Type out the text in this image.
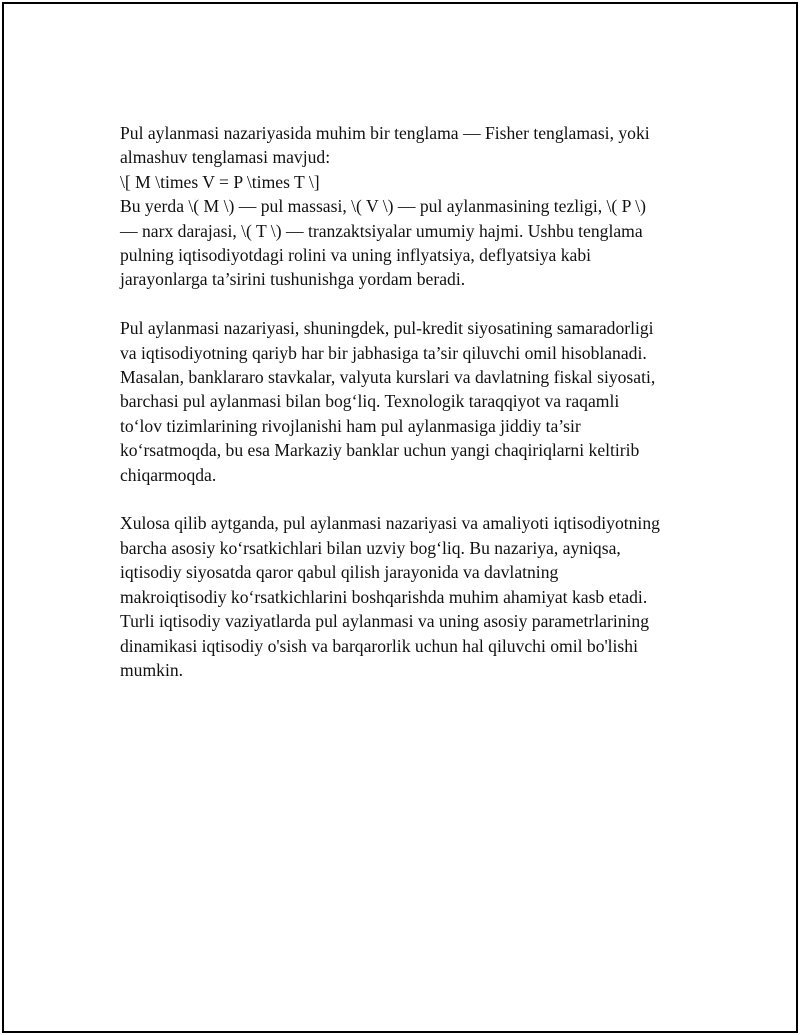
Pul aylanmasi nazariyasida muhim bir tenglama — Fisher tenglamasi, yoki
almashuv tenglamasi mavjud:
\[ M \times V = P \times T \]
Bu yerda \( M \) — pul massasi, \( V \) — pul aylanmasining tezligi, \( P \)
— narx darajasi, \( T \) — tranzaktsiyalar umumiy hajmi. Ushbu tenglama
pulning iqtisodiyotdagi rolini va uning inflyatsiya, deflyatsiya kabi
jarayonlarga ta’sirini tushunishga yordam beradi.

Pul aylanmasi nazariyasi, shuningdek, pul-kredit siyosatining samaradorligi
va iqtisodiyotning qariyb har bir jabhasiga ta’sir qiluvchi omil hisoblanadi.
Masalan, banklararo stavkalar, valyuta kurslari va davlatning fiskal siyosati,
barchasi pul aylanmasi bilan bog‘liq. Texnologik taraqqiyot va raqamli
to‘lov tizimlarining rivojlanishi ham pul aylanmasiga jiddiy ta’sir
ko‘rsatmoqda, bu esa Markaziy banklar uchun yangi chaqiriqlarni keltirib
chiqarmoqda.

Xulosa qilib aytganda, pul aylanmasi nazariyasi va amaliyoti iqtisodiyotning
barcha asosiy ko‘rsatkichlari bilan uzviy bog‘liq. Bu nazariya, ayniqsa,
iqtisodiy siyosatda qaror qabul qilish jarayonida va davlatning
makroiqtisodiy ko‘rsatkichlarini boshqarishda muhim ahamiyat kasb etadi.
Turli iqtisodiy vaziyatlarda pul aylanmasi va uning asosiy parametrlarining
dinamikasi iqtisodiy o'sish va barqarorlik uchun hal qiluvchi omil bo'lishi
mumkin.
